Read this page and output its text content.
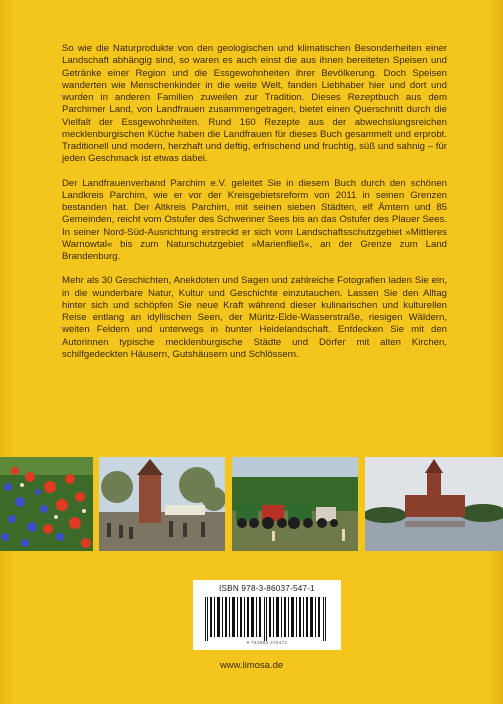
So wie die Naturprodukte von den geologischen und klimatischen Besonderheiten einer Landschaft abhängig sind, so waren es auch einst die aus ihnen bereiteten Speisen und Getränke einer Region und die Essgewohnheiten ihrer Bevölkerung. Doch Speisen wanderten wie Menschenkinder in die weite Welt, fanden Liebhaber hier und dort und wurden in anderen Familien zuweilen zur Tradition. Dieses Rezeptbuch aus dem Parchimer Land, von Landfrauen zusammengetragen, bietet einen Querschnitt durch die Vielfalt der Essgewohnheiten. Rund 160 Rezepte aus der abwechslungsreichen mecklenburgischen Küche haben die Landfrauen für dieses Buch gesammelt und erprobt. Traditionell und modern, herzhaft und deftig, erfrischend und fruchtig, süß und sahnig – für jeden Geschmack ist etwas dabei.

Der Landfrauenverband Parchim e.V. geleitet Sie in diesem Buch durch den schönen Landkreis Parchim, wie er vor der Kreisgebietsreform von 2011 in seinen Grenzen bestanden hat. Der Altkreis Parchim, mit seinen sieben Städten, elf Ämtern und 85 Gemeinden, reicht vom Ostufer des Schweriner Sees bis an das Ostufer des Plauer Sees. In seiner Nord-Süd-Ausrichtung erstreckt er sich vom Landschaftsschutzgebiet »Mittleres Warnowtal« bis zum Naturschutzgebiet »Marienfließ«, an der Grenze zum Land Brandenburg.

Mehr als 30 Geschichten, Anekdoten und Sagen und zahlreiche Fotografien laden Sie ein, in die wunderbare Natur, Kultur und Geschichte einzutauchen. Lassen Sie den Alltag hinter sich und schöpfen Sie neue Kraft während dieser kulinarischen und kulturellen Reise entlang an idyllischen Seen, der Müritz-Elde-Wasserstraße, riesigen Wäldern, weiten Feldern und unterwegs in bunter Heidelandschaft. Entdecken Sie mit den Autorinnen typische mecklenburgische Städte und Dörfer mit alten Kirchen, schilfgedeckten Häusern, Gutshäusern und Schlössern.

ISBN 978-3-86037-547-1
9 783860 375471
www.limosa.de
